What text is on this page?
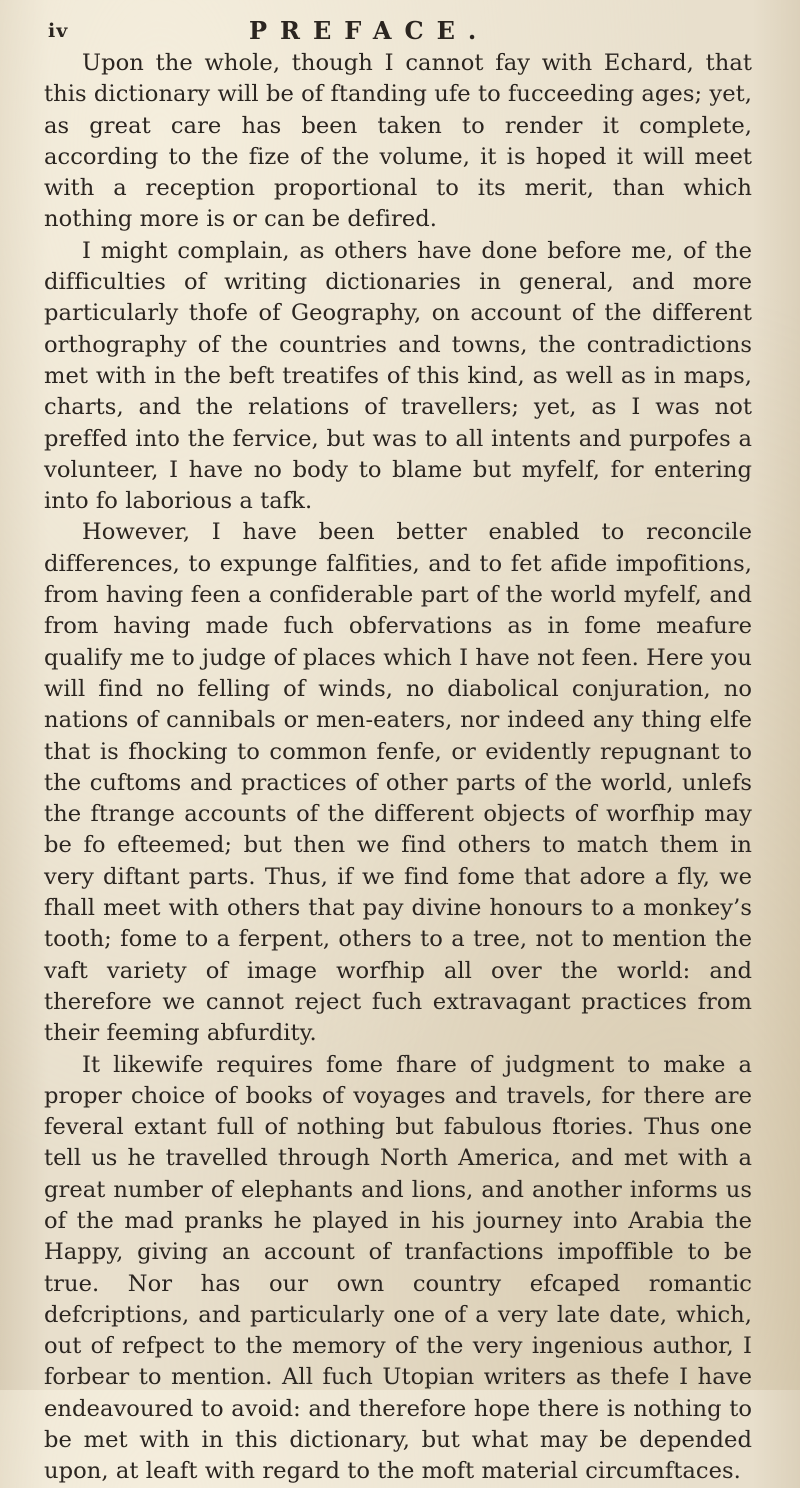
iv	PREFACE.

Upon the whole, though I cannot fay with Echard, that this dictionary will be of ftanding ufe to fucceeding ages; yet, as great care has been taken to render it complete, according to the fize of the volume, it is hoped it will meet with a reception proportional to its merit, than which nothing more is or can be defired.

I might complain, as others have done before me, of the difficulties of writing dictionaries in general, and more particularly thofe of Geography, on account of the different orthography of the countries and towns, the contradictions met with in the beft treatifes of this kind, as well as in maps, charts, and the relations of travellers; yet, as I was not preffed into the fervice, but was to all intents and purpofes a volunteer, I have no body to blame but myfelf, for entering into fo laborious a tafk.

However, I have been better enabled to reconcile differences, to expunge falfities, and to fet afide impofitions, from having feen a confiderable part of the world myfelf, and from having made fuch obfervations as in fome meafure qualify me to judge of places which I have not feen. Here you will find no felling of winds, no diabolical conjuration, no nations of cannibals or men-eaters, nor indeed any thing elfe that is fhocking to common fenfe, or evidently repugnant to the cuftoms and practices of other parts of the world, unlefs the ftrange accounts of the different objects of worfhip may be fo efteemed; but then we find others to match them in very diftant parts. Thus, if we find fome that adore a fly, we fhall meet with others that pay divine honours to a monkey’s tooth; fome to a ferpent, others to a tree, not to mention the vaft variety of image worfhip all over the world: and therefore we cannot reject fuch extravagant practices from their feeming abfurdity.

It likewife requires fome fhare of judgment to make a proper choice of books of voyages and travels, for there are feveral extant full of nothing but fabulous ftories. Thus one tell us he travelled through North America, and met with a great number of elephants and lions, and another informs us of the mad pranks he played in his journey into Arabia the Happy, giving an account of tranfactions impoffible to be true. Nor has our own country efcaped romantic defcriptions, and particularly one of a very late date, which, out of refpect to the memory of the very ingenious author, I forbear to mention. All fuch Utopian writers as thefe I have endeavoured to avoid: and therefore hope there is nothing to be met with in this dictionary, but what may be depended upon, at leaft with regard to the moft material circumftaces.
